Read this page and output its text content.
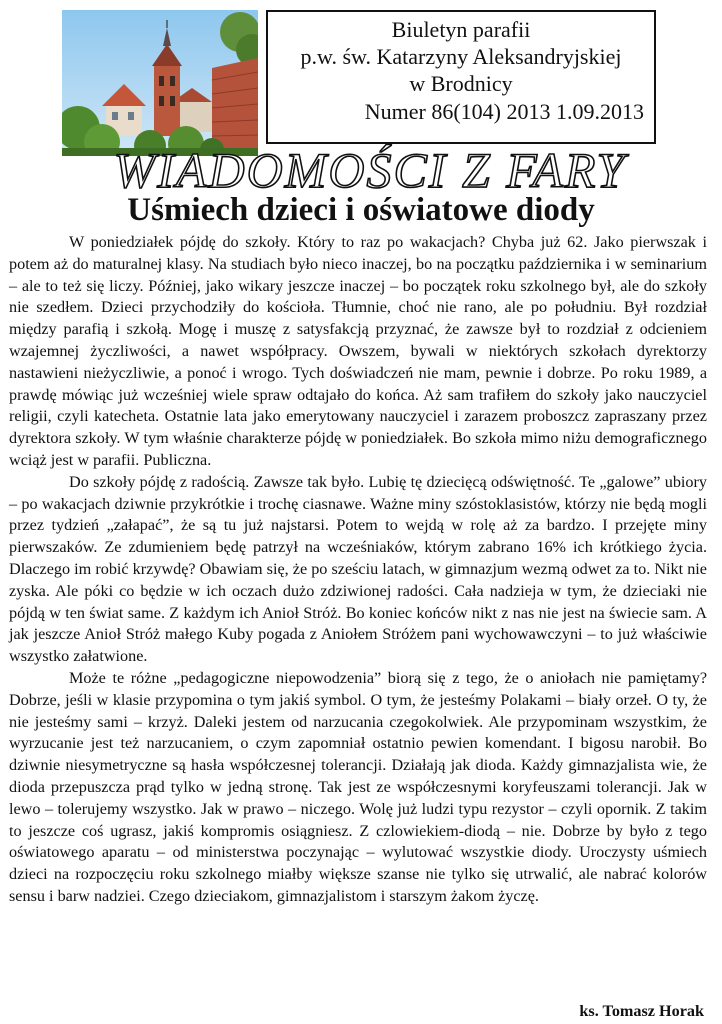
Biuletyn parafii
p.w. św. Katarzyny Aleksandryjskiej
w Brodnicy
Numer 86(104) 2013 1.09.2013
WIADOMOŚCI Z FARY
Uśmiech dzieci i oświatowe diody

W poniedziałek pójdę do szkoły. Który to raz po wakacjach? Chyba już 62. Jako pierwszak i potem aż do maturalnej klasy. Na studiach było nieco inaczej, bo na początku października i w seminarium – ale to też się liczy. Później, jako wikary jeszcze inaczej – bo początek roku szkolnego był, ale do szkoły nie szedłem. Dzieci przychodziły do kościoła. Tłumnie, choć nie rano, ale po południu. Był rozdział między parafią i szkołą. Mogę i muszę z satysfakcją przyznać, że zawsze był to rozdział z odcieniem wzajemnej życzliwości, a nawet współpracy. Owszem, bywali w niektórych szkołach dyrektorzy nastawieni nieżyczliwie, a ponoć i wrogo. Tych doświadczeń nie mam, pewnie i dobrze. Po roku 1989, a prawdę mówiąc już wcześniej wiele spraw odtajało do końca. Aż sam trafiłem do szkoły jako nauczyciel religii, czyli katecheta. Ostatnie lata jako emerytowany nauczyciel i zarazem proboszcz zapraszany przez dyrektora szkoły. W tym właśnie charakterze pójdę w poniedziałek. Bo szkoła mimo niżu demograficznego wciąż jest w parafii. Publiczna.

Do szkoły pójdę z radością. Zawsze tak było. Lubię tę dziecięcą odświętność. Te „galowe” ubiory – po wakacjach dziwnie przykrótkie i trochę ciasnawe. Ważne miny szóstoklasistów, którzy nie będą mogli przez tydzień „załapać”, że są tu już najstarsi. Potem to wejdą w rolę aż za bardzo. I przejęte miny pierwszaków. Ze zdumieniem będę patrzył na wcześniaków, którym zabrano 16% ich krótkiego życia. Dlaczego im robić krzywdę? Obawiam się, że po sześciu latach, w gimnazjum wezmą odwet za to. Nikt nie zyska. Ale póki co będzie w ich oczach dużo zdziwionej radości. Cała nadzieja w tym, że dzieciaki nie pójdą w ten świat same. Z każdym ich Anioł Stróż. Bo koniec końców nikt z nas nie jest na świecie sam. A jak jeszcze Anioł Stróż małego Kuby pogada z Aniołem Stróżem pani wychowawczyni – to już właściwie wszystko załatwione.

Może te różne „pedagogiczne niepowodzenia” biorą się z tego, że o aniołach nie pamiętamy? Dobrze, jeśli w klasie przypomina o tym jakiś symbol. O tym, że jesteśmy Polakami – biały orzeł. O ty, że nie jesteśmy sami – krzyż. Daleki jestem od narzucania czegokolwiek. Ale przypominam wszystkim, że wyrzucanie jest też narzucaniem, o czym zapomniał ostatnio pewien komendant. I bigosu narobił. Bo dziwnie niesymetryczne są hasła współczesnej tolerancji. Działają jak dioda. Każdy gimnazjalista wie, że dioda przepuszcza prąd tylko w jedną stronę. Tak jest ze współczesnymi koryfeuszami tolerancji. Jak w lewo – tolerujemy wszystko. Jak w prawo – niczego. Wolę już ludzi typu rezystor – czyli opornik. Z takim to jeszcze coś ugrasz, jakiś kompromis osiągniesz. Z czlowiekiem-diodą – nie. Dobrze by było z tego oświatowego aparatu – od ministerstwa poczynając – wylutować wszystkie diody. Uroczysty uśmiech dzieci na rozpoczęciu roku szkolnego miałby większe szanse nie tylko się utrwalić, ale nabrać kolorów sensu i barw nadziei. Czego dzieciakom, gimnazjalistom i starszym żakom życzę.

ks. Tomasz Horak
